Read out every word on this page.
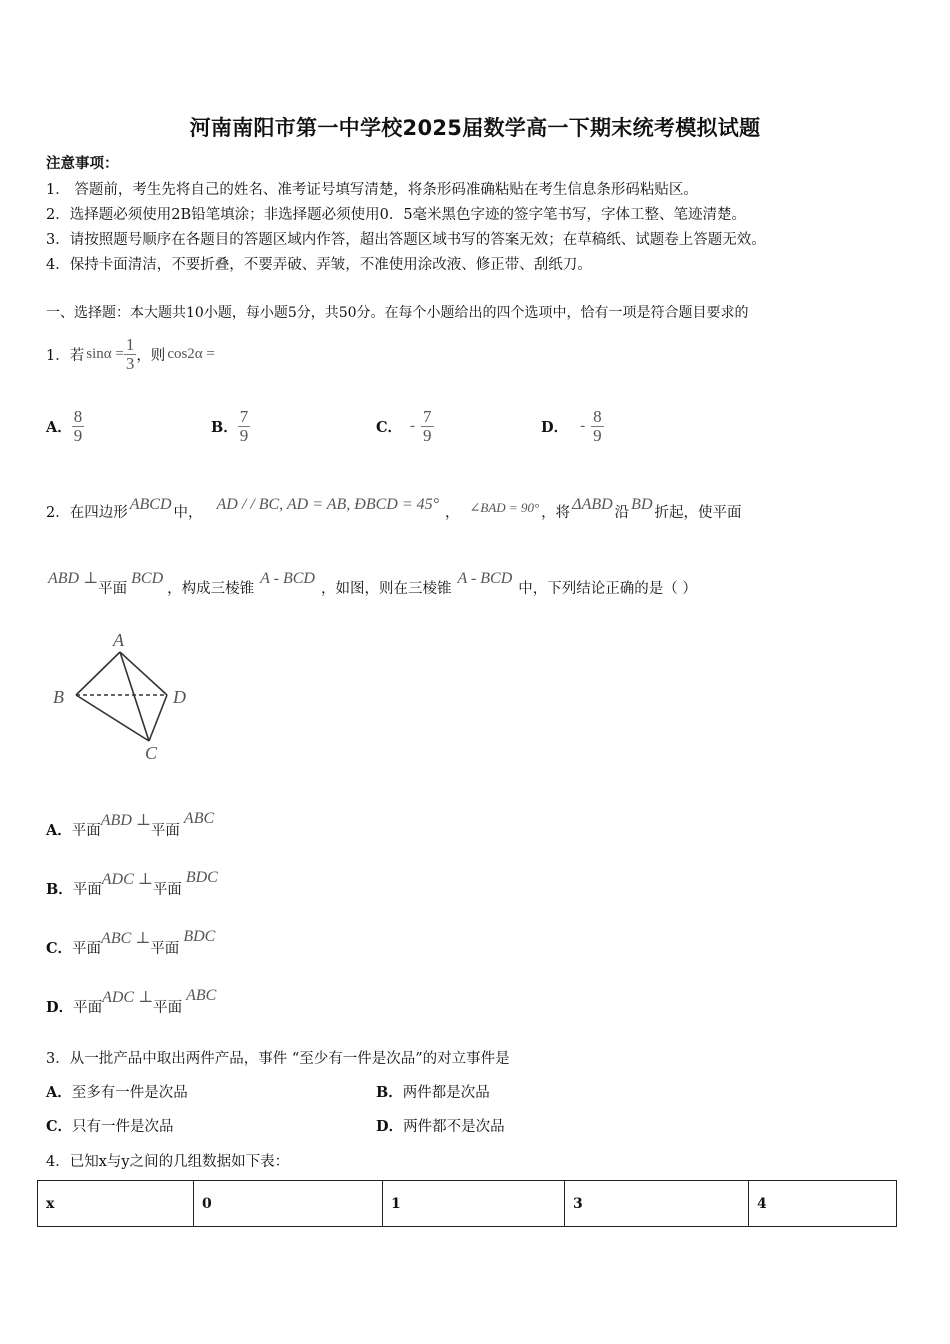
河南南阳市第一中学校2025届数学高一下期末统考模拟试题
注意事项：
1． 答题前，考生先将自己的姓名、准考证号填写清楚，将条形码准确粘贴在考生信息条形码粘贴区。
2．选择题必须使用2B铅笔填涂；非选择题必须使用0．5毫米黑色字迹的签字笔书写，字体工整、笔迹清楚。
3．请按照题号顺序在各题目的答题区域内作答，超出答题区域书写的答案无效；在草稿纸、试题卷上答题无效。
4．保持卡面清洁，不要折叠，不要弄破、弄皱，不准使用涂改液、修正带、刮纸刀。
一、选择题：本大题共10小题，每小题5分，共50分。在每个小题给出的四个选项中，恰有一项是符合题目要求的
1．若 $\sin\alpha = \frac{1}{3}$ ，则 cos2α =
A． $\frac{8}{9}$	B． $\frac{7}{9}$	C． - $\frac{7}{9}$	D． - $\frac{8}{9}$
2．在四边形 ABCD 中， AD / / BC, AD = AB, ÐBCD = 45° ， ∠BAD = 90° ，将 ΔABD 沿 BD 折起，使平面
ABD ⊥
平面
BCD
，构成三棱锥
A - BCD
，如图，则在三棱锥
A - BCD
中，下列结论正确的是（ ）
A
B	D
C
A． 平面
ABD ⊥
平面
ABC
B． 平面
ADC ⊥
平面
BDC
C． 平面
ABC ⊥
平面
BDC
D． 平面
ADC ⊥
平面
ABC
3．从一批产品中取出两件产品，事件 “至少有一件是次品”的对立事件是
A．至多有一件是次品	B．两件都是次品
C．只有一件是次品	D．两件都不是次品
4．已知x与y之间的几组数据如下表：
x	0	1	3	4
